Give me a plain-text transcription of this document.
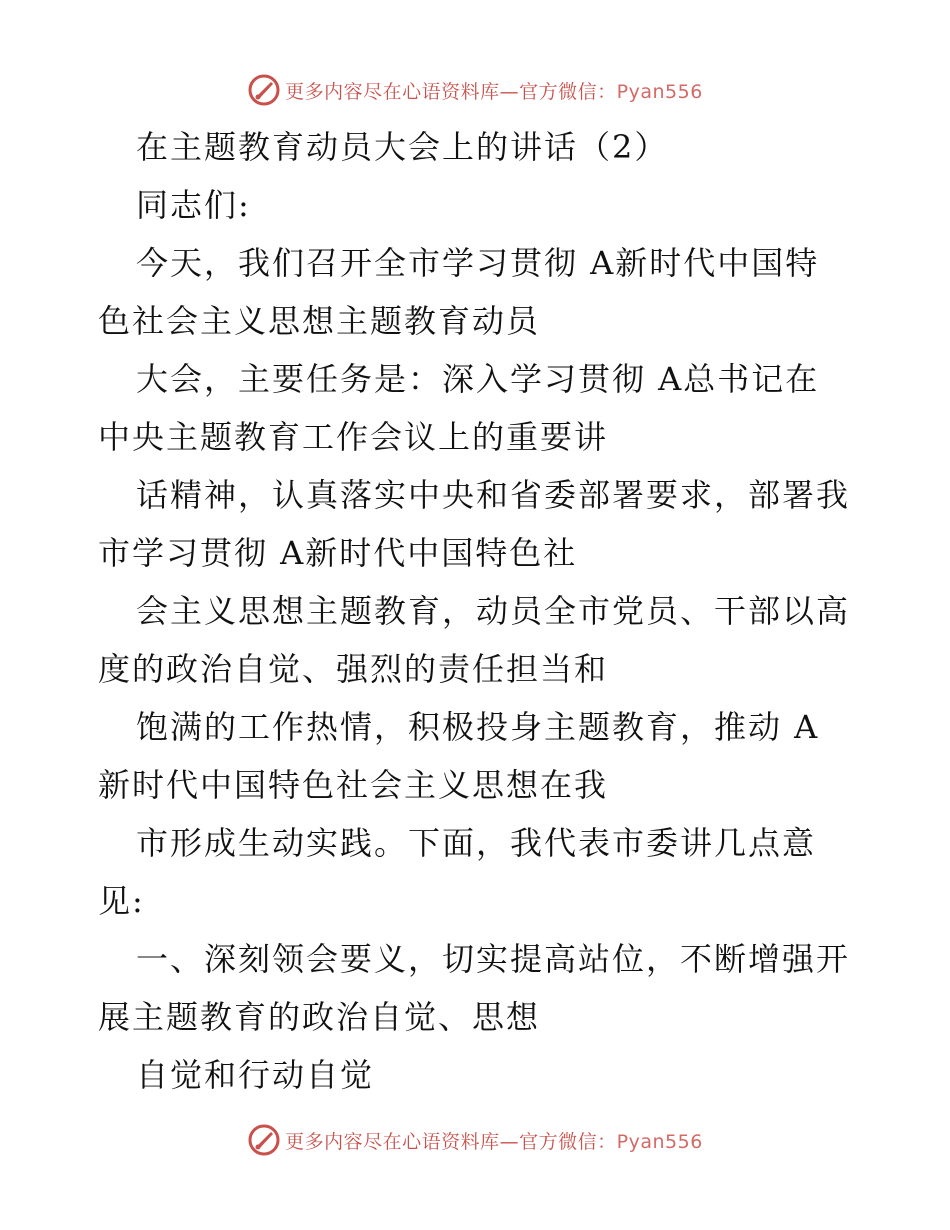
更多内容尽在心语资料库—官方微信：Pyan556
在主题教育动员大会上的讲话（2）
同志们:
今天，我们召开全市学习贯彻 A新时代中国特
色社会主义思想主题教育动员
大会，主要任务是：深入学习贯彻 A总书记在
中央主题教育工作会议上的重要讲
话精神，认真落实中央和省委部署要求，部署我
市学习贯彻 A新时代中国特色社
会主义思想主题教育，动员全市党员、干部以高
度的政治自觉、强烈的责任担当和
饱满的工作热情，积极投身主题教育，推动 A
新时代中国特色社会主义思想在我
市形成生动实践。下面，我代表市委讲几点意
见:
一、深刻领会要义，切实提高站位，不断增强开
展主题教育的政治自觉、思想
自觉和行动自觉
更多内容尽在心语资料库—官方微信：Pyan556
